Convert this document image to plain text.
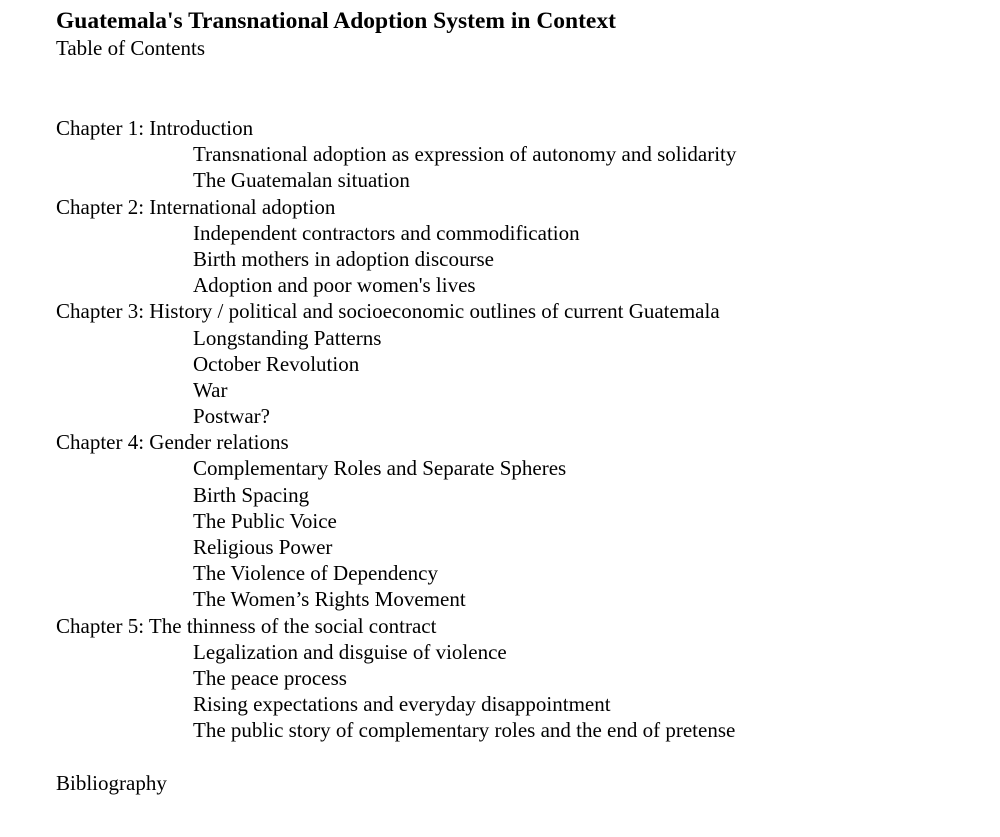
Guatemala's Transnational Adoption System in Context
Table of Contents
Chapter 1: Introduction
Transnational adoption as expression of autonomy and solidarity
The Guatemalan situation
Chapter 2: International adoption
Independent contractors and commodification
Birth mothers in adoption discourse
Adoption and poor women's lives
Chapter 3: History / political and socioeconomic outlines of current Guatemala
Longstanding Patterns
October Revolution
War
Postwar?
Chapter 4: Gender relations
Complementary Roles and Separate Spheres
Birth Spacing
The Public Voice
Religious Power
The Violence of Dependency
The Women’s Rights Movement
Chapter 5: The thinness of the social contract
Legalization and disguise of violence
The peace process
Rising expectations and everyday disappointment
The public story of complementary roles and the end of pretense
Bibliography
